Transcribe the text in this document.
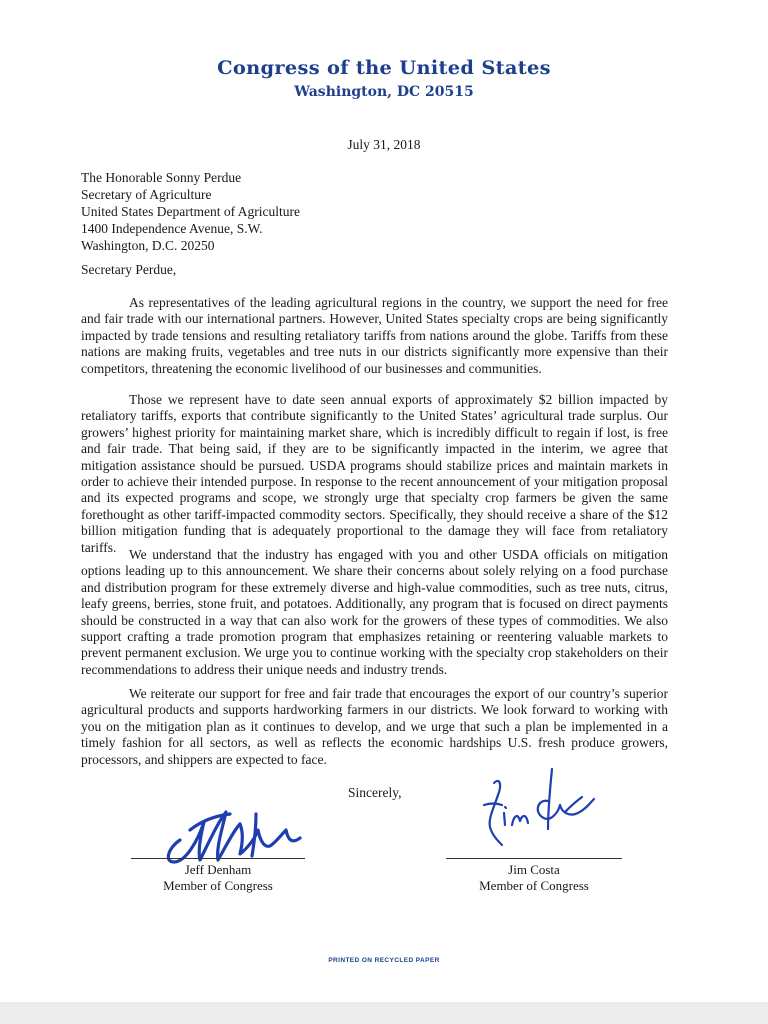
Congress of the United States
Washington, DC 20515
July 31, 2018
The Honorable Sonny Perdue
Secretary of Agriculture
United States Department of Agriculture
1400 Independence Avenue, S.W.
Washington, D.C. 20250
Secretary Perdue,

As representatives of the leading agricultural regions in the country, we support the need for free and fair trade with our international partners. However, United States specialty crops are being significantly impacted by trade tensions and resulting retaliatory tariffs from nations around the globe. Tariffs from these nations are making fruits, vegetables and tree nuts in our districts significantly more expensive than their competitors, threatening the economic livelihood of our businesses and communities.

Those we represent have to date seen annual exports of approximately $2 billion impacted by retaliatory tariffs, exports that contribute significantly to the United States’ agricultural trade surplus. Our growers’ highest priority for maintaining market share, which is incredibly difficult to regain if lost, is free and fair trade. That being said, if they are to be significantly impacted in the interim, we agree that mitigation assistance should be pursued. USDA programs should stabilize prices and maintain markets in order to achieve their intended purpose. In response to the recent announcement of your mitigation proposal and its expected programs and scope, we strongly urge that specialty crop farmers be given the same forethought as other tariff-impacted commodity sectors. Specifically, they should receive a share of the $12 billion mitigation funding that is adequately proportional to the damage they will face from retaliatory tariffs. We understand that the industry has engaged with you and other USDA officials on mitigation options leading up to this announcement. We share their concerns about solely relying on a food purchase and distribution program for these extremely diverse and high-value commodities, such as tree nuts, citrus, leafy greens, berries, stone fruit, and potatoes. Additionally, any program that is focused on direct payments should be constructed in a way that can also work for the growers of these types of commodities. We also support crafting a trade promotion program that emphasizes retaining or reentering valuable markets to prevent permanent exclusion. We urge you to continue working with the specialty crop stakeholders on their recommendations to address their unique needs and industry trends.

We reiterate our support for free and fair trade that encourages the export of our country’s superior agricultural products and supports hardworking farmers in our districts. We look forward to working with you on the mitigation plan as it continues to develop, and we urge that such a plan be implemented in a timely fashion for all sectors, as well as reflects the economic hardships U.S. fresh produce growers, processors, and shippers are expected to face.

Sincerely,
Jeff Denham
Member of Congress
Jim Costa
Member of Congress
PRINTED ON RECYCLED PAPER
